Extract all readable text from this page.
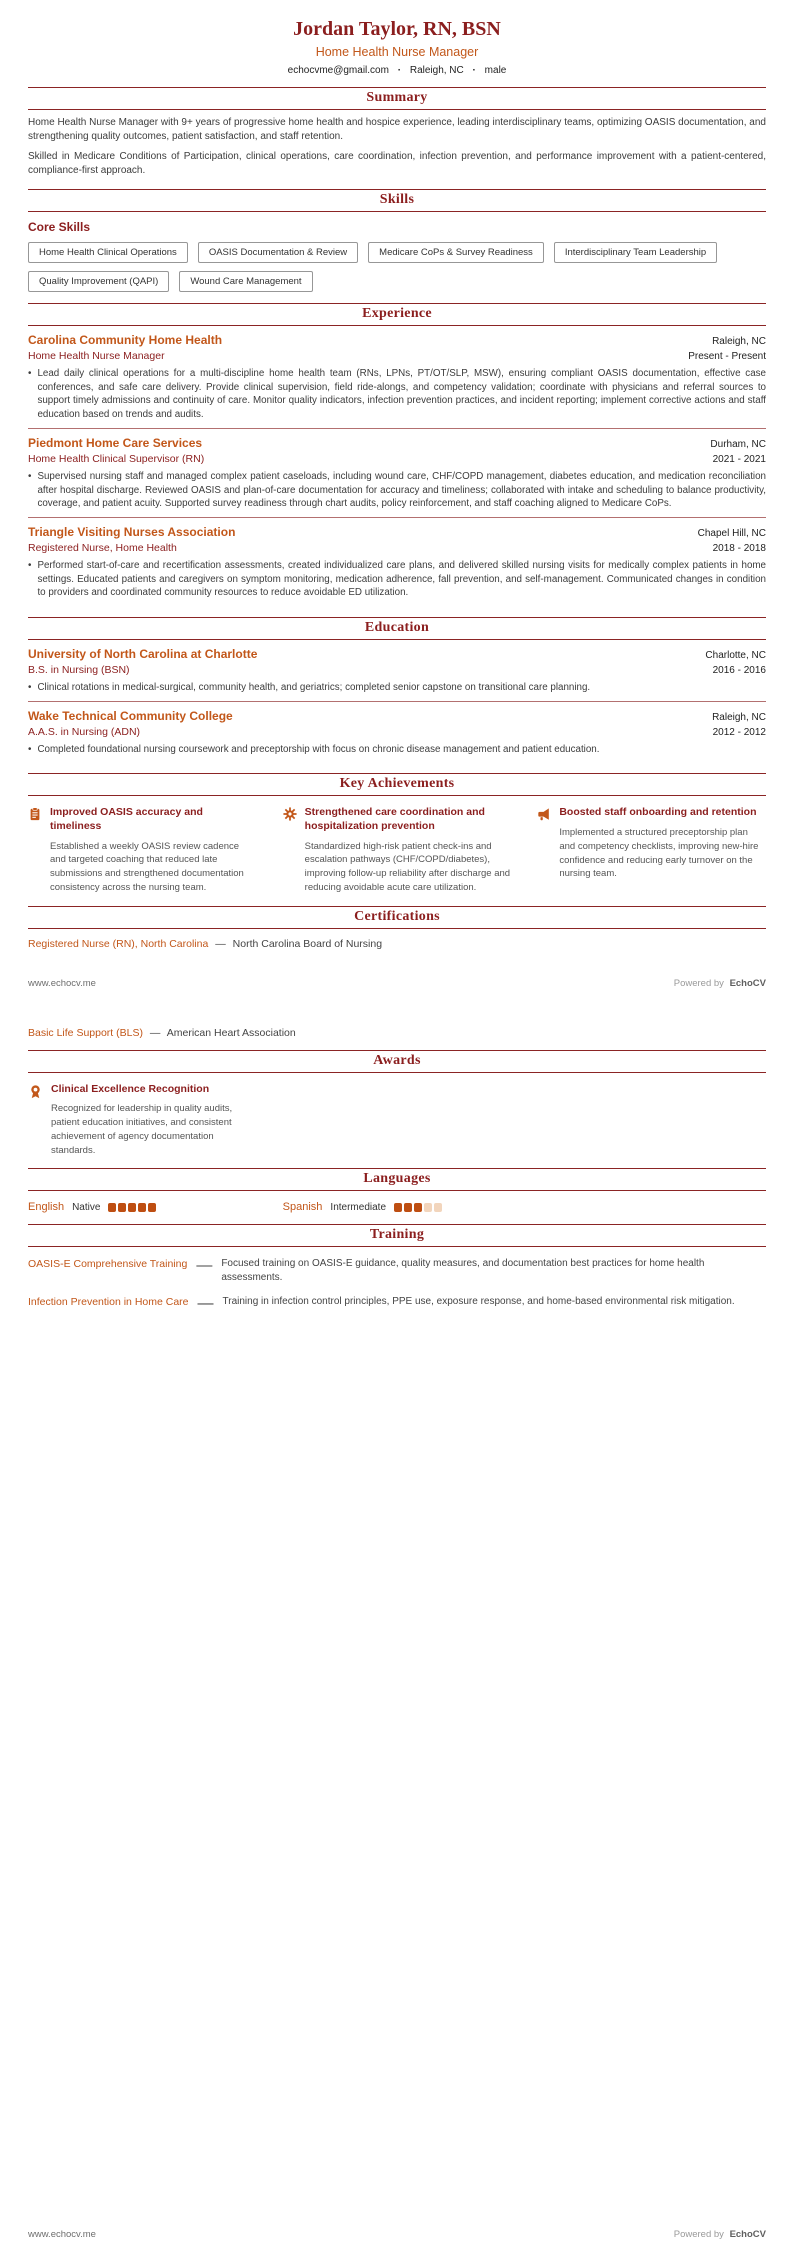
Jordan Taylor, RN, BSN
Home Health Nurse Manager
echocvme@gmail.com · Raleigh, NC · male
Summary

Home Health Nurse Manager with 9+ years of progressive home health and hospice experience, leading interdisciplinary teams, optimizing OASIS documentation, and strengthening quality outcomes, patient satisfaction, and staff retention.

Skilled in Medicare Conditions of Participation, clinical operations, care coordination, infection prevention, and performance improvement with a patient-centered, compliance-first approach.

Skills
Core Skills
Home Health Clinical Operations	OASIS Documentation & Review	Medicare CoPs & Survey Readiness	Interdisciplinary Team Leadership
Quality Improvement (QAPI)	Wound Care Management
Experience
Carolina Community Home Health	Raleigh, NC
Home Health Nurse Manager	Present - Present
• Lead daily clinical operations for a multi-discipline home health team (RNs, LPNs, PT/OT/SLP, MSW), ensuring compliant OASIS documentation, effective case conferences, and safe care delivery. Provide clinical supervision, field ride-alongs, and competency validation; coordinate with physicians and referral sources to support timely admissions and continuity of care. Monitor quality indicators, infection prevention practices, and incident reporting; implement corrective actions and staff education based on trends and audits.
Piedmont Home Care Services	Durham, NC
Home Health Clinical Supervisor (RN)	2021 - 2021
• Supervised nursing staff and managed complex patient caseloads, including wound care, CHF/COPD management, diabetes education, and medication reconciliation after hospital discharge. Reviewed OASIS and plan-of-care documentation for accuracy and timeliness; collaborated with intake and scheduling to balance productivity, coverage, and patient acuity. Supported survey readiness through chart audits, policy reinforcement, and staff coaching aligned to Medicare CoPs.
Triangle Visiting Nurses Association	Chapel Hill, NC
Registered Nurse, Home Health	2018 - 2018
• Performed start-of-care and recertification assessments, created individualized care plans, and delivered skilled nursing visits for medically complex patients in home settings. Educated patients and caregivers on symptom monitoring, medication adherence, fall prevention, and self-management. Communicated changes in condition to providers and coordinated community resources to reduce avoidable ED utilization.
Education
University of North Carolina at Charlotte	Charlotte, NC
B.S. in Nursing (BSN)	2016 - 2016
• Clinical rotations in medical-surgical, community health, and geriatrics; completed senior capstone on transitional care planning.
Wake Technical Community College	Raleigh, NC
A.A.S. in Nursing (ADN)	2012 - 2012
• Completed foundational nursing coursework and preceptorship with focus on chronic disease management and patient education.
Key Achievements
Improved OASIS accuracy and timeliness
Established a weekly OASIS review cadence and targeted coaching that reduced late submissions and strengthened documentation consistency across the nursing team.
Strengthened care coordination and hospitalization prevention
Standardized high-risk patient check-ins and escalation pathways (CHF/COPD/diabetes), improving follow-up reliability after discharge and reducing avoidable acute care utilization.
Boosted staff onboarding and retention
Implemented a structured preceptorship plan and competency checklists, improving new-hire confidence and reducing early turnover on the nursing team.
Certifications
Registered Nurse (RN), North Carolina — North Carolina Board of Nursing
www.echocv.me	Powered by EchoCV
Basic Life Support (BLS) — American Heart Association
Awards
Clinical Excellence Recognition
Recognized for leadership in quality audits, patient education initiatives, and consistent achievement of agency documentation standards.
Languages
English Native	Spanish Intermediate
Training
OASIS-E Comprehensive Training — Focused training on OASIS-E guidance, quality measures, and documentation best practices for home health assessments.
Infection Prevention in Home Care — Training in infection control principles, PPE use, exposure response, and home-based environmental risk mitigation.
www.echocv.me	Powered by EchoCV
